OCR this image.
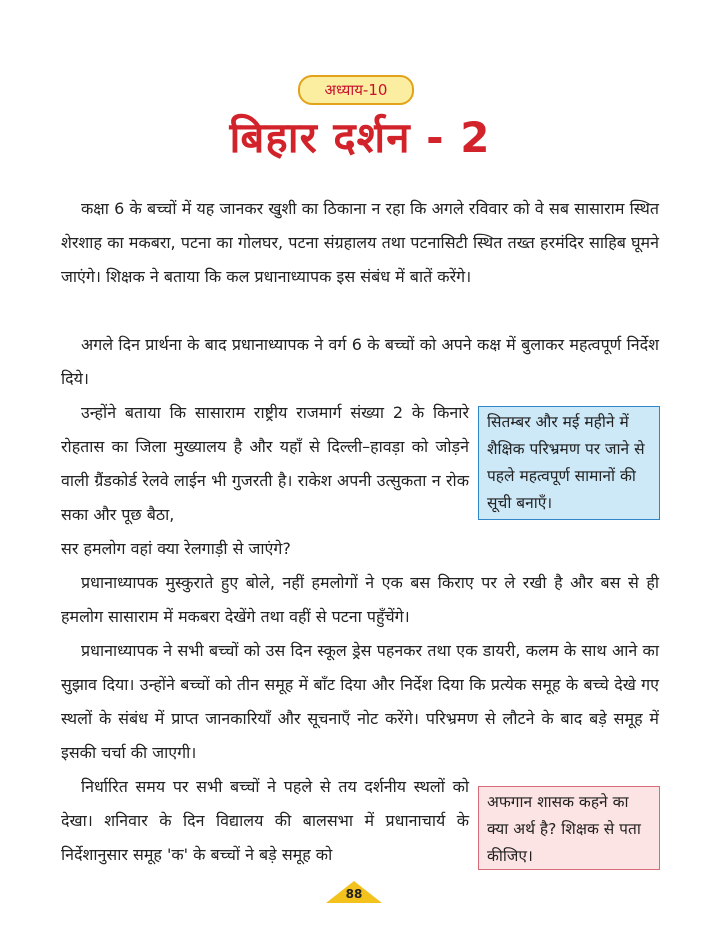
अध्याय-10
बिहार दर्शन - 2

कक्षा 6 के बच्चों में यह जानकर खुशी का ठिकाना न रहा कि अगले रविवार को वे सब सासाराम स्थित शेरशाह का मकबरा, पटना का गोलघर, पटना संग्रहालय तथा पटनासिटी स्थित तख्त हरमंदिर साहिब घूमने जाएंगे। शिक्षक ने बताया कि कल प्रधानाध्यापक इस संबंध में बातें करेंगे।

अगले दिन प्रार्थना के बाद प्रधानाध्यापक ने वर्ग 6 के बच्चों को अपने कक्ष में बुलाकर महत्वपूर्ण निर्देश दिये।

उन्होंने बताया कि सासाराम राष्ट्रीय राजमार्ग संख्या 2 के किनारे रोहतास का जिला मुख्यालय है और यहाँ से दिल्ली–हावड़ा को जोड़ने वाली ग्रैंडकोर्ड रेलवे लाईन भी गुजरती है। राकेश अपनी उत्सुकता न रोक सका और पूछ बैठा,

सर हमलोग वहां क्या रेलगाड़ी से जाएंगे?

प्रधानाध्यापक मुस्कुराते हुए बोले, नहीं हमलोगों ने एक बस किराए पर ले रखी है और बस से ही हमलोग सासाराम में मकबरा देखेंगे तथा वहीं से पटना पहुँचेंगे।

प्रधानाध्यापक ने सभी बच्चों को उस दिन स्कूल ड्रेस पहनकर तथा एक डायरी, कलम के साथ आने का सुझाव दिया। उन्होंने बच्चों को तीन समूह में बाँट दिया और निर्देश दिया कि प्रत्येक समूह के बच्चे देखे गए स्थलों के संबंध में प्राप्त जानकारियाँ और सूचनाएँ नोट करेंगे। परिभ्रमण से लौटने के बाद बड़े समूह में इसकी चर्चा की जाएगी।

निर्धारित समय पर सभी बच्चों ने पहले से तय दर्शनीय स्थलों को देखा। शनिवार के दिन विद्यालय की बालसभा में प्रधानाचार्य के निर्देशानुसार समूह 'क' के बच्चों ने बड़े समूह को

सितम्बर और मई महीने में शैक्षिक परिभ्रमण पर जाने से पहले महत्वपूर्ण सामानों की सूची बनाएँ।
अफगान शासक कहने का क्या अर्थ है? शिक्षक से पता कीजिए।
88
